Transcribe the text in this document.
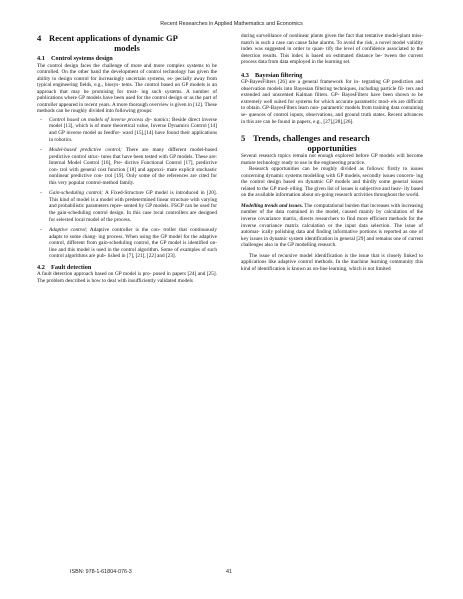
Recent Researches in Applied Mathematics and Economics
4 Recent applications of dynamic GP
models
4.1 Control systems design

The control design faces the challenge of more and more complex systems to be controlled. On the other hand the development of control technology has given the ability to design control for increasingly uncertain systems, es- pecially away from typical engineering fields, e.g., biosys- tems. The control based on GP models is an approach that may be promising for treat- ing such systems. A number of publications where GP models have been used for the control design or as the part of controller appeared in recent years. A more thorough overview is given in [12]. These methods can be roughly divided into following groups:

- Control based on models of inverse process dy- namics; Beside direct inverse model [13], which is of more theoretical value, Inverse Dynamics Control [14] and GP inverse model as feedfor- ward [15],[14] have found their applications in robotics.
- Model-based predictive control; There are many different model-based predictive control struc- tures that have been tested with GP models. These are: Internal Model Control [16], Pre- dictive Functional Control [17], predictive con- trol with general cost function [18] and approxi- mate explicit stochastic nonlinear predictive con- trol [19]. Only some of the references are cited for this very popular control-method family.
- Gain-scheduling control; A Fixed-Structure GP model is introduced in [20]. This kind of model is a model with predetermined linear structure with varying and probabilistic parameters repre- sented by GP models. FSGP can be used for the gain-scheduling control design. In this case local controllers are designed for selected local model of the process.
- Adaptive control; Adaptive controller is the con- troller that continuously adapts to some chang- ing process. When using the GP model for the adaptive control, different from gain-scheduling control, the GP model is identified on-line and this model is used in the control algorithm. Some of examples of such control algorithms are pub- lished in [7], [21], [22] and [23].
4.2 Fault detection

A fault detection approach based on GP model is pro- posed in papers [24] and [25]. The problem described is how to deal with insufficiently validated models

during surveillance of nonlinear plants given the fact that tentative model-plant miss-match in such a case can cause false alarms. To avoid the risk, a novel model validity index was suggested in order to quan- tify the level of confidence associated to the detection results. This index is based on estimated distance be- tween the current process data from data employed in the learning set.

4.3 Bayesian filtering

GP-BayesFilters [26] are a general framework for in- tegrating GP prediction and observation models into Bayesian filtering techniques, including particle fil- ters and extended and unscented Kalman filters. GP- BayesFilters have been shown to be extremely well suited for systems for which accurate parametric mod- els are difficult to obtain. GP-BayesFilters learn non- parametric models from training data containing se- quences of control inputs, observations, and ground truth states. Recent advances in this are can be found in papers, e.g., [27],[28],[26].

5 Trends, challenges and research
opportunities

Several research topics remain not enough explored before GP models will become mature technology ready to use in the engineering practice.

Research opportunities can be roughly divided as follows: firstly to issues concerning dynamic systems modelling with GP models, secondly issues concern- ing the control design based on dynamic GP models and thirdly some general issues related to the GP mod- elling. The given list of issues is subjective and heav- ily based on the available information about on-going research activities throughout the world.

Modelling trends and issues. The computational burden that increases with increasing number of the data contained in the model, caused mainly by calculation of the inverse covariance matrix, directs researchers to find more efficient methods for the inverse covariance matrix calculation or the input data selection. The issue of automat- ically polishing data and finding informative portions is reported as one of key issues in dynamic system identification in general [29] and remains one of current challenges also in the GP modelling research.

The issue of recursive model identification is the issue that is closely linked to applications like adaptive control methods. In the machine learning community this kind of identification is known as on-line learning, which is not limited

ISBN: 978-1-61804-076-3	41
